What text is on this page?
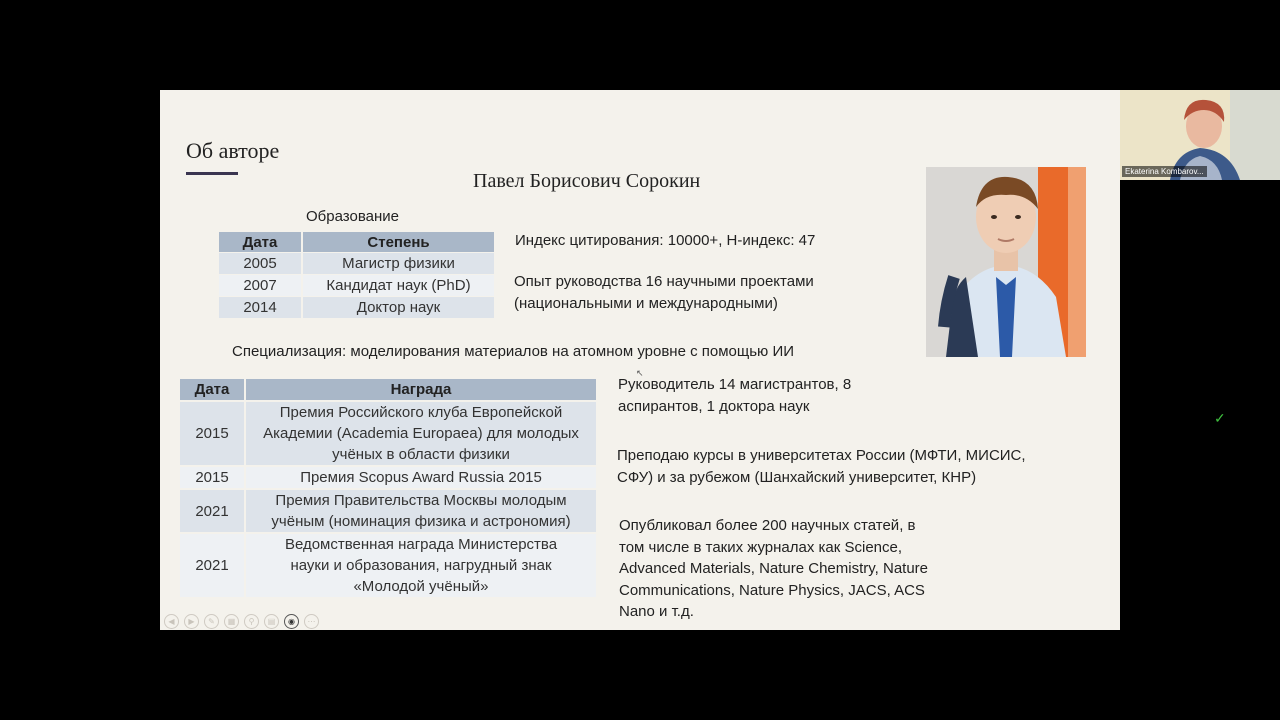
Об авторе
Павел Борисович Сорокин
Образование
Дата	Степень
2005	Магистр физики
2007	Кандидат наук (PhD)
2014	Доктор наук
Индекс цитирования: 10000+, Н-индекс: 47
Опыт руководства 16 научными проектами
(национальными и международными)
Специализация: моделирования материалов на атомном уровне с помощью ИИ
Дата	Награда
2015	Премия Российского клуба Европейской
Академии (Academia Europaea) для молодых
учёных в области физики

2015	Премия Scopus Award Russia 2015

2021	Премия Правительства Москвы молодым
учёным (номинация физика и астрономия)

2021	Ведомственная награда Министерства
науки и образования, нагрудный знак
«Молодой учёный»
Руководитель 14 магистрантов, 8
аспирантов, 1 доктора наук
Преподаю курсы в университетах России (МФТИ, МИСИС,
СФУ) и за рубежом (Шанхайский университет, КНР)
Опубликовал более 200 научных статей, в
том числе в таких журналах как Science,
Advanced Materials, Nature Chemistry, Nature
Communications, Nature Physics, JACS, ACS
Nano и т.д.
↖
◀	▶	✎	▦	⚲	▤	◉	⋯
Ekaterina Kombarov...
✓
